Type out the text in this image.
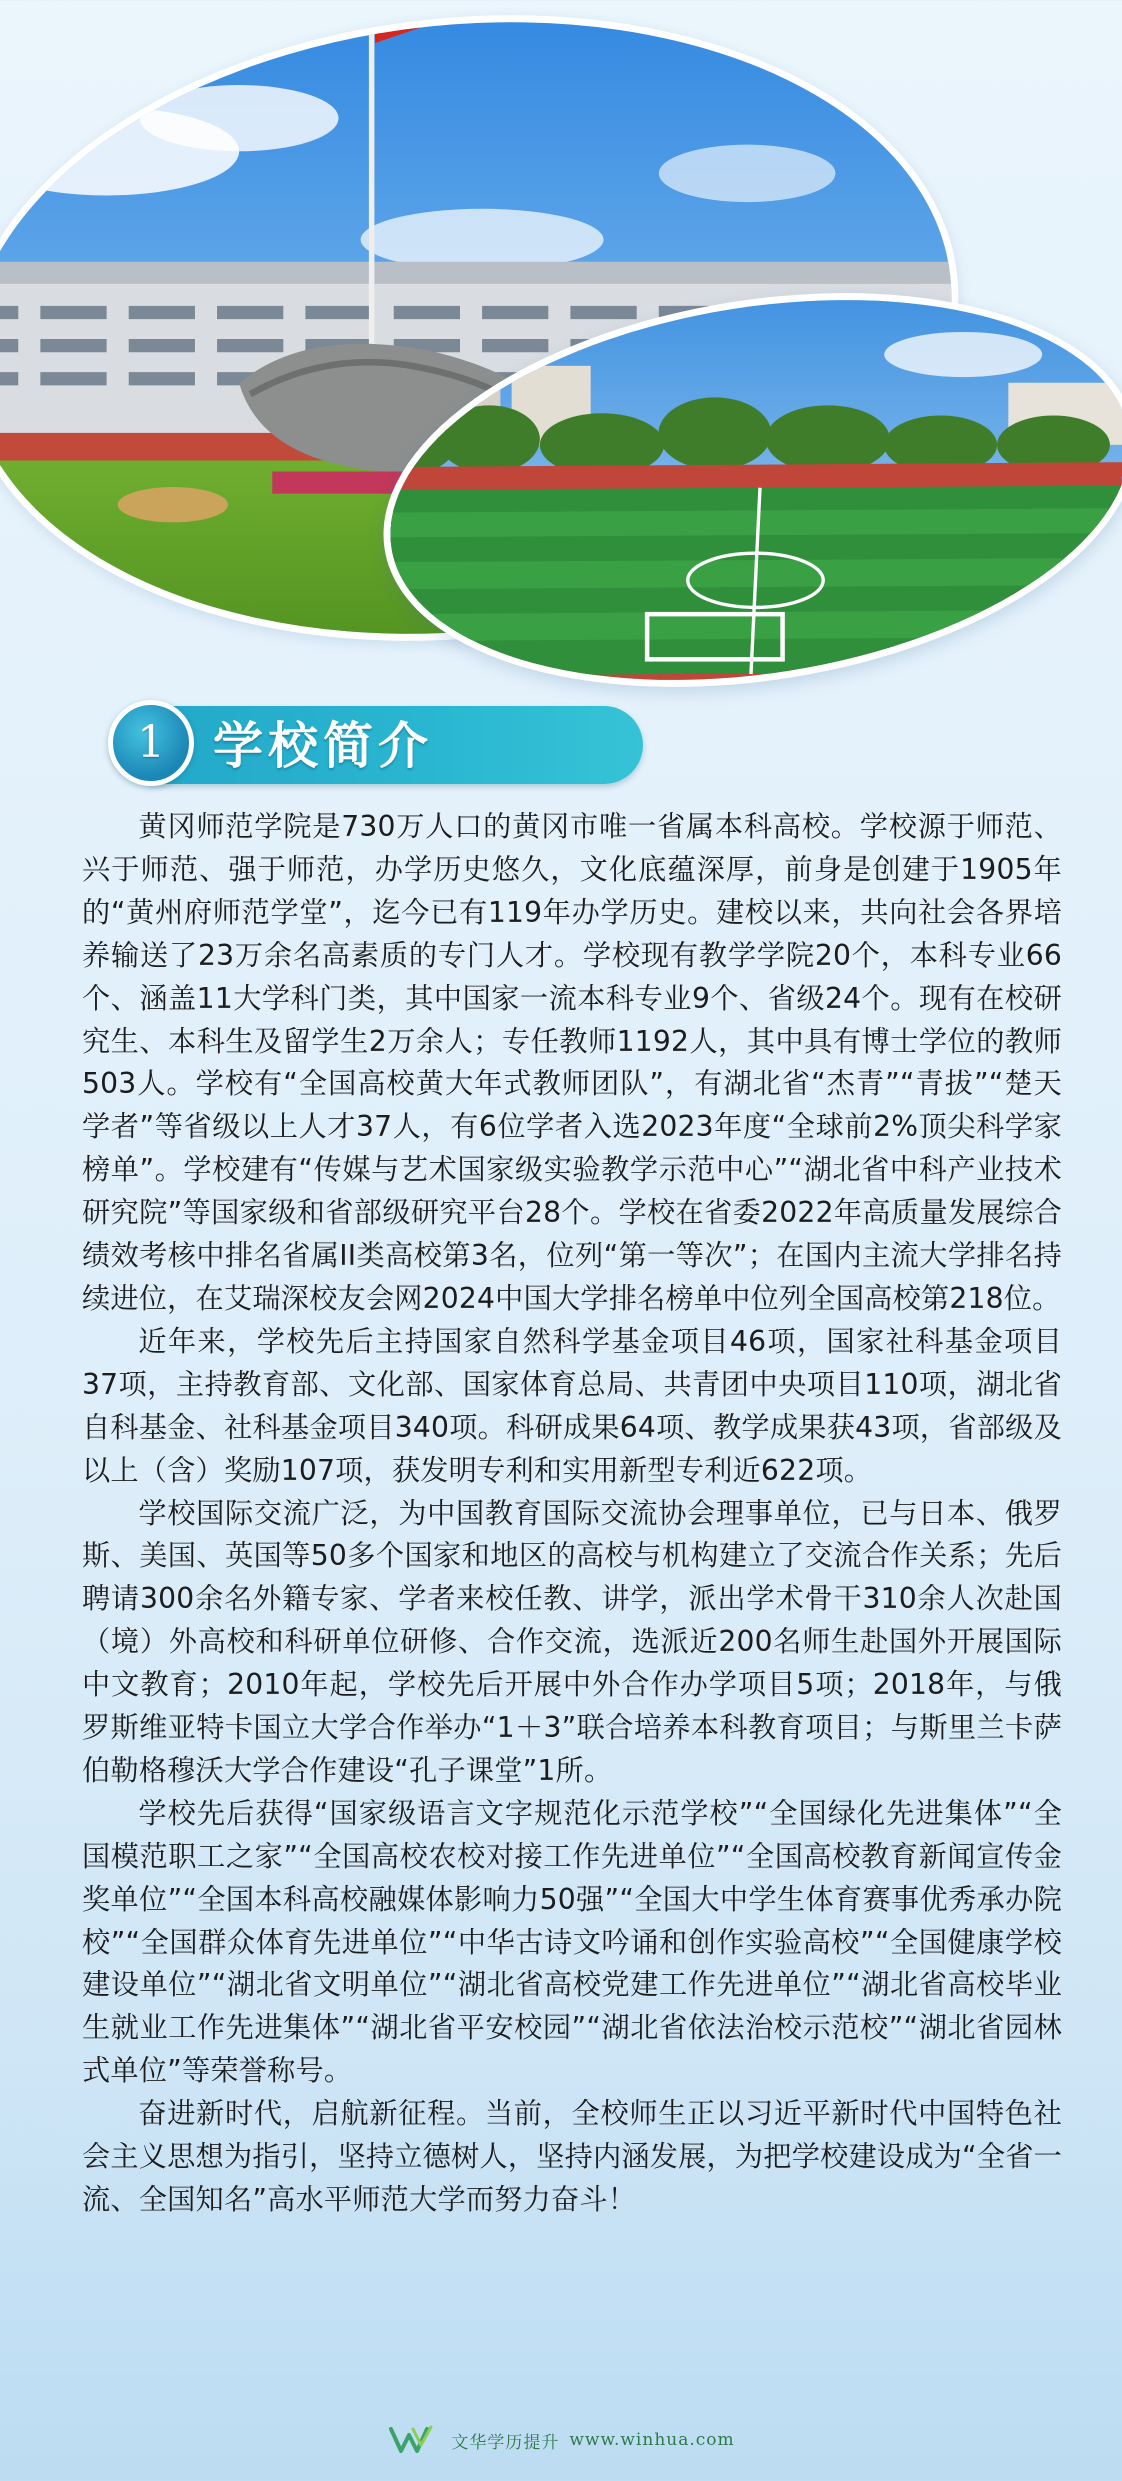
1 学校简介

黄冈师范学院是730万人口的黄冈市唯一省属本科高校。学校源于师范、兴于师范、强于师范，办学历史悠久，文化底蕴深厚，前身是创建于1905年的“黄州府师范学堂”，迄今已有119年办学历史。建校以来，共向社会各界培养输送了23万余名高素质的专门人才。学校现有教学学院20个，本科专业66个、涵盖11大学科门类，其中国家一流本科专业9个、省级24个。现有在校研究生、本科生及留学生2万余人；专任教师1192人，其中具有博士学位的教师503人。学校有“全国高校黄大年式教师团队”，有湖北省“杰青”“青拔”“楚天学者”等省级以上人才37人，有6位学者入选2023年度“全球前2%顶尖科学家榜单”。学校建有“传媒与艺术国家级实验教学示范中心”“湖北省中科产业技术研究院”等国家级和省部级研究平台28个。学校在省委2022年高质量发展综合绩效考核中排名省属II类高校第3名，位列“第一等次”；在国内主流大学排名持续进位，在艾瑞深校友会网2024中国大学排名榜单中位列全国高校第218位。

近年来，学校先后主持国家自然科学基金项目46项，国家社科基金项目37项，主持教育部、文化部、国家体育总局、共青团中央项目110项，湖北省自科基金、社科基金项目340项。科研成果64项、教学成果获43项，省部级及以上（含）奖励107项，获发明专利和实用新型专利近622项。

学校国际交流广泛，为中国教育国际交流协会理事单位，已与日本、俄罗斯、美国、英国等50多个国家和地区的高校与机构建立了交流合作关系；先后聘请300余名外籍专家、学者来校任教、讲学，派出学术骨干310余人次赴国（境）外高校和科研单位研修、合作交流，选派近200名师生赴国外开展国际中文教育；2010年起，学校先后开展中外合作办学项目5项；2018年，与俄罗斯维亚特卡国立大学合作举办“1＋3”联合培养本科教育项目；与斯里兰卡萨伯勒格穆沃大学合作建设“孔子课堂”1所。

学校先后获得“国家级语言文字规范化示范学校”“全国绿化先进集体”“全国模范职工之家”“全国高校农校对接工作先进单位”“全国高校教育新闻宣传金奖单位”“全国本科高校融媒体影响力50强”“全国大中学生体育赛事优秀承办院校”“全国群众体育先进单位”“中华古诗文吟诵和创作实验高校”“全国健康学校建设单位”“湖北省文明单位”“湖北省高校党建工作先进单位”“湖北省高校毕业生就业工作先进集体”“湖北省平安校园”“湖北省依法治校示范校”“湖北省园林式单位”等荣誉称号。

奋进新时代，启航新征程。当前，全校师生正以习近平新时代中国特色社会主义思想为指引，坚持立德树人，坚持内涵发展，为把学校建设成为“全省一流、全国知名”高水平师范大学而努力奋斗！

文华学历提升 www.winhua.com
